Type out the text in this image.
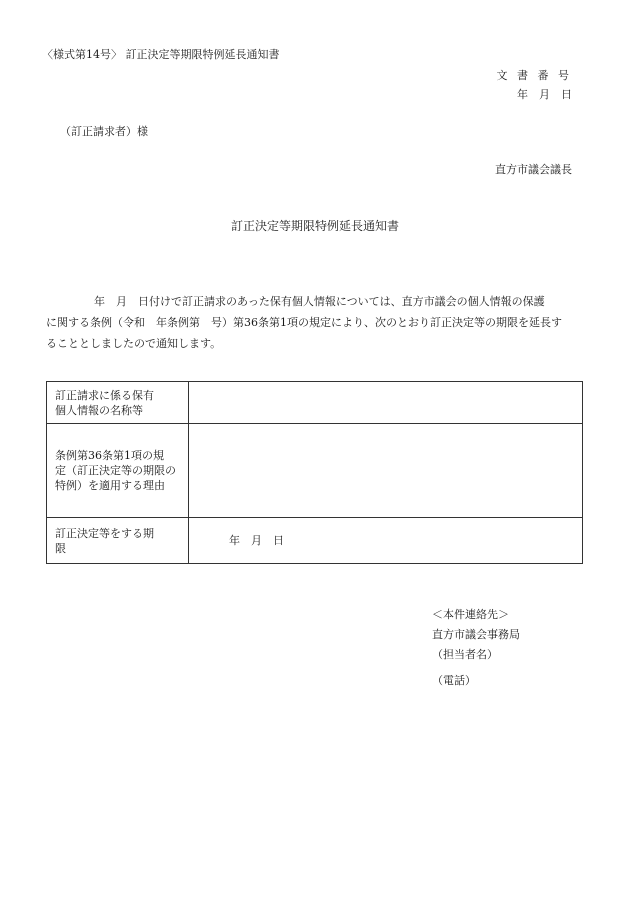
〈様式第14号〉 訂正決定等期限特例延長通知書
文 書 番 号
年　月　日
（訂正請求者）様
直方市議会議長
訂正決定等期限特例延長通知書
年　月　日付けで訂正請求のあった保有個人情報については、直方市議会の個人情報の保護
に関する条例（令和　年条例第　号）第36条第1項の規定により、次のとおり訂正決定等の期限を延長す
ることとしましたので通知します。
訂正請求に係る保有
個人情報の名称等	

条例第36条第1項の規
定（訂正決定等の期限の
特例）を適用する理由	

訂正決定等をする期
限	年　月　日
＜本件連絡先＞
直方市議会事務局
（担当者名）
（電話）
